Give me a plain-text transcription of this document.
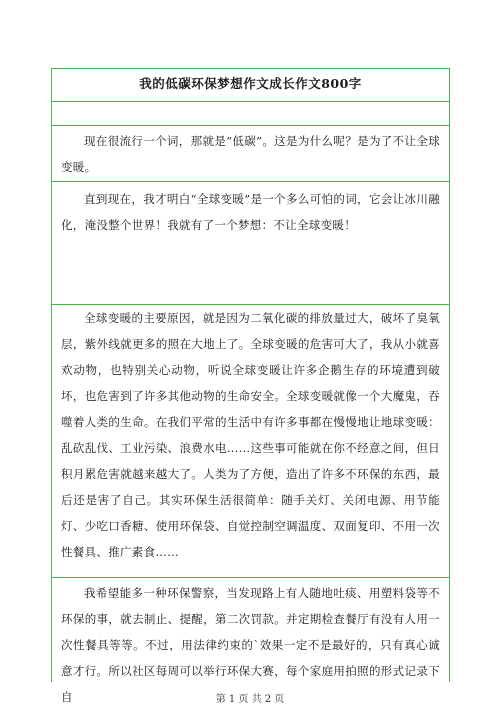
我的低碳环保梦想作文成长作文800字
现在很流行一个词，那就是“低碳”。这是为什么呢？是为了不让全球变暖。
直到现在，我才明白“全球变暖”是一个多么可怕的词，它会让冰川融化，淹没整个世界！我就有了一个梦想：不让全球变暖！
全球变暖的主要原因，就是因为二氧化碳的排放量过大，破坏了臭氧层，紫外线就更多的照在大地上了。全球变暖的危害可大了，我从小就喜欢动物，也特别关心动物，听说全球变暖让许多企鹅生存的环境遭到破坏，也危害到了许多其他动物的生命安全。全球变暖就像一个大魔鬼，吞噬着人类的生命。在我们平常的生活中有许多事都在慢慢地让地球变暖：乱砍乱伐、工业污染、浪费水电……这些事可能就在你不经意之间，但日积月累危害就越来越大了。人类为了方便，造出了许多不环保的东西，最后还是害了自己。其实环保生活很简单：随手关灯、关闭电源、用节能灯、少吃口香糖、使用环保袋、自觉控制空调温度、双面复印、不用一次性餐具、推广素食……
我希望能多一种环保警察，当发现路上有人随地吐痰、用塑料袋等不环保的事，就去制止、提醒，第二次罚款。并定期检查餐厅有没有人用一次性餐具等等。不过，用法律约束的`效果一定不是最好的，只有真心诚意才行。所以社区每周可以举行环保大赛，每个家庭用拍照的形式记录下自	第 1 页 共 2 页
